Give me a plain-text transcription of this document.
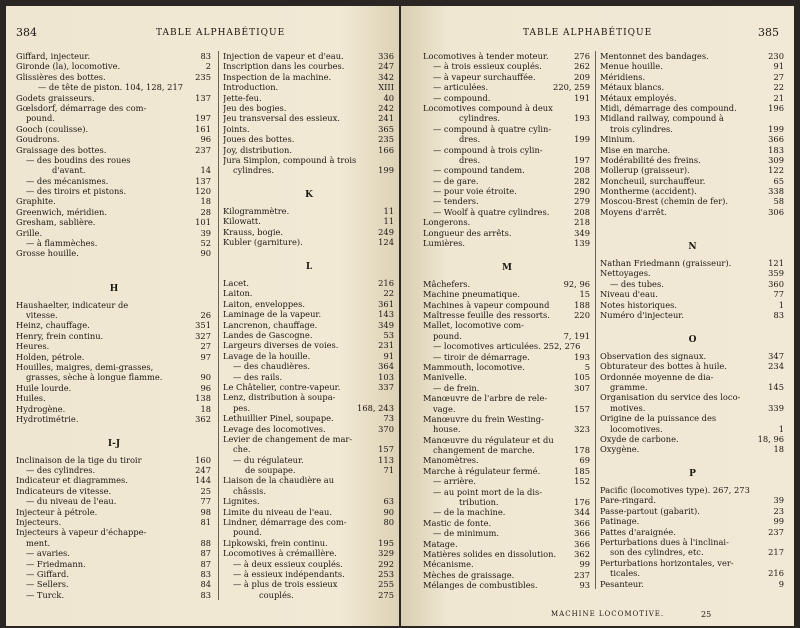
384	TABLE ALPHABÉTIQUE
Giffard, injecteur.	83
Gironde (la), locomotive.	2
Glissières des bottes.	235
— de tête de piston. 104, 128, 217
Godets graisseurs.	137
Gœlsdorf, démarrage des com-
pound.	197
Gooch (coulisse).	161
Goudrons.	96
Graissage des bottes.	237
— des boudins des roues
d'avant.	14
— des mécanismes.	137
— des tiroirs et pistons.	120
Graphite.	18
Greenwich, méridien.	28
Gresham, sablière.	101
Grille.	39
— à flammèches.	52
Grosse houille.	90
H
Haushaelter, indicateur de
vitesse.	26
Heinz, chauffage.	351
Henry, frein continu.	327
Heures.	27
Holden, pétrole.	97
Houilles, maigres, demi-grasses,
grasses, sèche à longue flamme.	90
Huile lourde.	96
Huiles.	138
Hydrogène.	18
Hydrotimétrie.	362
I-J
Inclinaison de la tige du tiroir	160
— des cylindres.	247
Indicateur et diagrammes.	144
Indicateurs de vitesse.	25
— du niveau de l'eau.	77
Injecteur à pétrole.	98
Injecteurs.	81
Injecteurs à vapeur d'échappe-
ment.	88
— avaries.	87
— Friedmann.	87
— Giffard.	83
— Sellers.	84
— Turck.	83
Injection de vapeur et d'eau.	336
Inscription dans les courbes.	247
Inspection de la machine.	342
Introduction.	XIII
Jette-feu.	40
Jeu des bogies.	242
Jeu transversal des essieux.	241
Joints.	365
Joues des bottes.	235
Joy, distribution.	166
Jura Simplon, compound à trois
cylindres.	199
K
Kilogrammètre.	11
Kilowatt.	11
Krauss, bogie.	249
Kubler (garniture).	124
L
Lacet.	216
Laiton.	22
Laiton, enveloppes.	361
Laminage de la vapeur.	143
Lancrenon, chauffage.	349
Landes de Gascogne.	53
Largeurs diverses de voies.	231
Lavage de la houille.	91
— des chaudières.	364
— des rails.	103
Le Châtelier, contre-vapeur.	337
Lenz, distribution à soupa-
pes.	168, 243
Lethuillier Pinel, soupape.	73
Levage des locomotives.	370
Levier de changement de mar-
che.	157
— du régulateur.	113
de soupape.	71
Liaison de la chaudière au
châssis.
Lignites.	63
Limite du niveau de l'eau.	90
Lindner, démarrage des com-	80
pound.
Lipkowski, frein continu.	195
Locomotives à crémaillère.	329
— à deux essieux couplés.	292
— à essieux indépendants.	253
— à plus de trois essieux	255
couplés.	275
TABLE ALPHABÉTIQUE	385
Locomotives à tender moteur.	276
— à trois essieux couplés.	262
— à vapeur surchauffée.	209
— articulées.	220, 259
— compound.	191
Locomotives compound à deux
cylindres.	193
— compound à quatre cylin-
dres.	199
— compound à trois cylin-
dres.	197
— compound tandem.	208
— de gare.	282
— pour voie étroite.	290
— tenders.	279
— Woolf à quatre cylindres.	208
Longerons.	218
Longueur des arrêts.	349
Lumières.	139
M
Mâchefers.	92, 96
Machine pneumatique.	15
Machines à vapeur compound	188
Maîtresse feuille des ressorts.	220
Mallet, locomotive com-
pound.	7, 191
— locomotives articulées. 252, 276
— tiroir de démarrage.	193
Mammouth, locomotive.	5
Manivelle.	105
— de frein.	307
Manœuvre de l'arbre de rele-
vage.	157
Manœuvre du frein Westing-
house.	323
Manœuvre du régulateur et du
changement de marche.	178
Manomètres.	69
Marche à régulateur fermé.	185
— arrière.	152
— au point mort de la dis-
tribution.	176
— de la machine.	344
Mastic de fonte.	366
— de minimum.	366
Matage.	366
Matières solides en dissolution. 362
Mécanisme.	99
Mèches de graissage.	237
Mélanges de combustibles.	93
Mentonnet des bandages.	230
Menue houille.	91
Méridiens.	27
Métaux blancs.	22
Métaux employés.	21
Midi, démarrage des compound.	196
Midland railway, compound à
trois cylindres.	199
Minium.	366
Mise en marche.	183
Modérabilité des freins.	309
Mollerup (graisseur).	122
Moncheuil, surchauffeur.	65
Montherme (accident).	338
Moscou-Brest (chemin de fer).	58
Moyens d'arrêt.	306
N
Nathan Friedmann (graisseur).	121
Nettoyages.	359
— des tubes.	360
Niveau d'eau.	77
Notes historiques.	1
Numéro d'injecteur.	83
O
Observation des signaux.	347
Obturateur des bottes à huile.	234
Ordonnée moyenne de dia-
gramme.	145
Organisation du service des loco-
motives.	339
Origine de la puissance des
locomotives.	1
Oxyde de carbone.	18, 96
Oxygène.	18
P
Pacific (locomotives type). 267, 273
Pare-ringard.	39
Passe-partout (gabarit).	23
Patinage.	99
Pattes d'araignée.	237
Perturbations dues à l'inclinai-
son des cylindres, etc.	217
Perturbations horizontales, ver-
ticales.	216
Pesanteur.	9
MACHINE LOCOMOTIVE.	25
